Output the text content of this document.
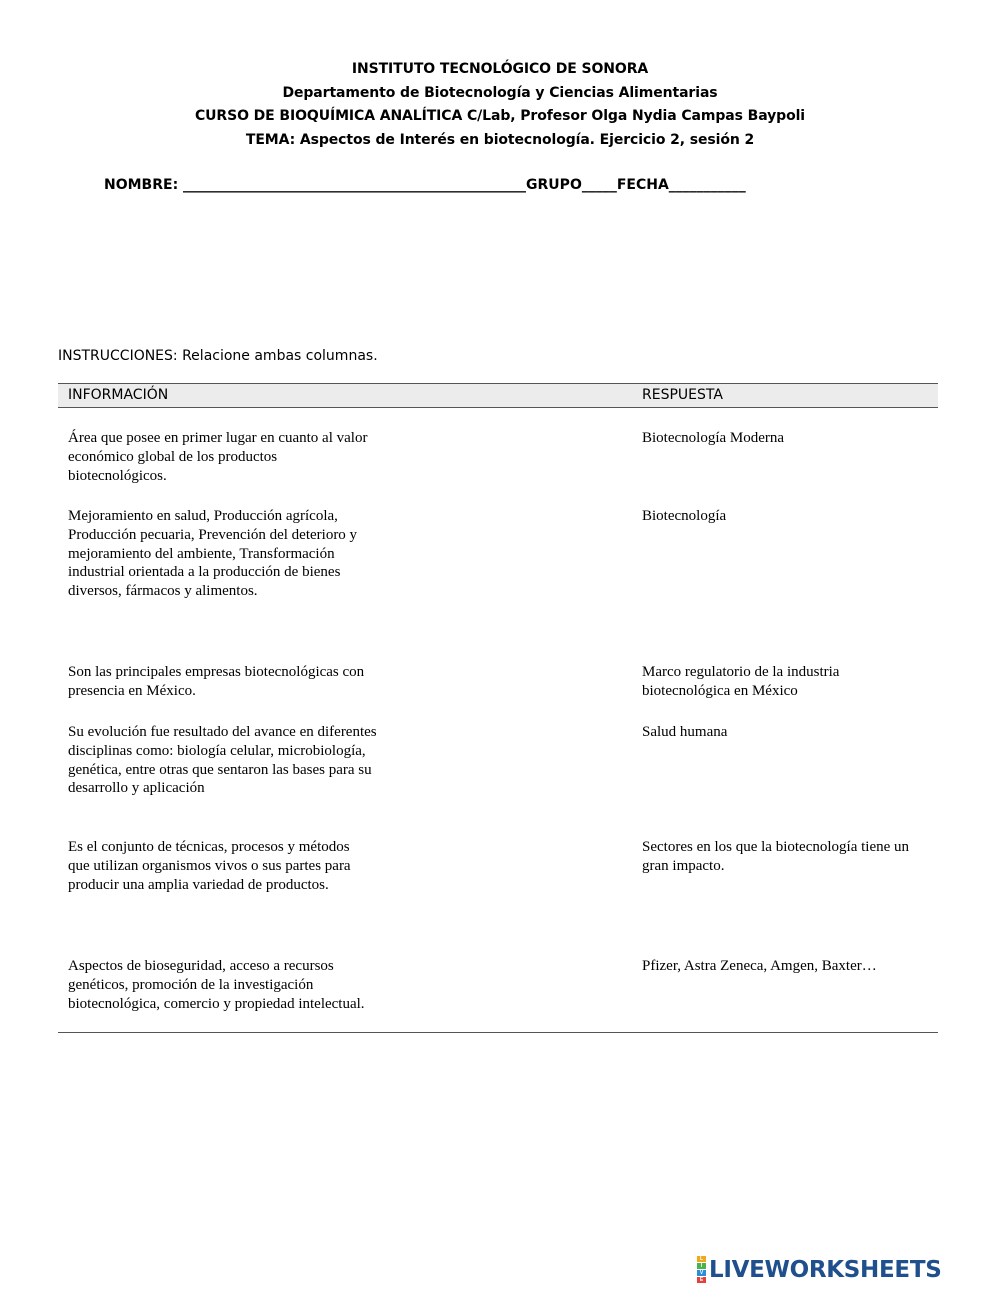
INSTITUTO TECNOLÓGICO DE SONORA
Departamento de Biotecnología y Ciencias Alimentarias
CURSO DE BIOQUÍMICA ANALÍTICA C/Lab, Profesor Olga Nydia Campas Baypoli
TEMA: Aspectos de Interés en biotecnología. Ejercicio 2, sesión 2
NOMBRE: _________________________________________________GRUPO_____FECHA___________
INSTRUCCIONES: Relacione ambas columnas.
INFORMACIÓN	RESPUESTA
Área que posee en primer lugar en cuanto al valor económico global de los productos biotecnológicos.
Biotecnología Moderna
Mejoramiento en salud, Producción agrícola, Producción pecuaria, Prevención del deterioro y mejoramiento del ambiente, Transformación industrial orientada a la producción de bienes diversos, fármacos y alimentos.
Biotecnología
Son las principales empresas biotecnológicas con presencia en México.
Marco regulatorio de la industria biotecnológica en México
Su evolución fue resultado del avance en diferentes disciplinas como: biología celular, microbiología, genética, entre otras que sentaron las bases para su desarrollo y aplicación
Salud humana
Es el conjunto de técnicas, procesos y métodos que utilizan organismos vivos o sus partes para producir una amplia variedad de productos.
Sectores en los que la biotecnología tiene un gran impacto.
Aspectos de bioseguridad, acceso a recursos genéticos, promoción de la investigación biotecnológica, comercio y propiedad intelectual.
Pfizer, Astra Zeneca, Amgen, Baxter…
L
I
V
E LIVEWORKSHEETS
